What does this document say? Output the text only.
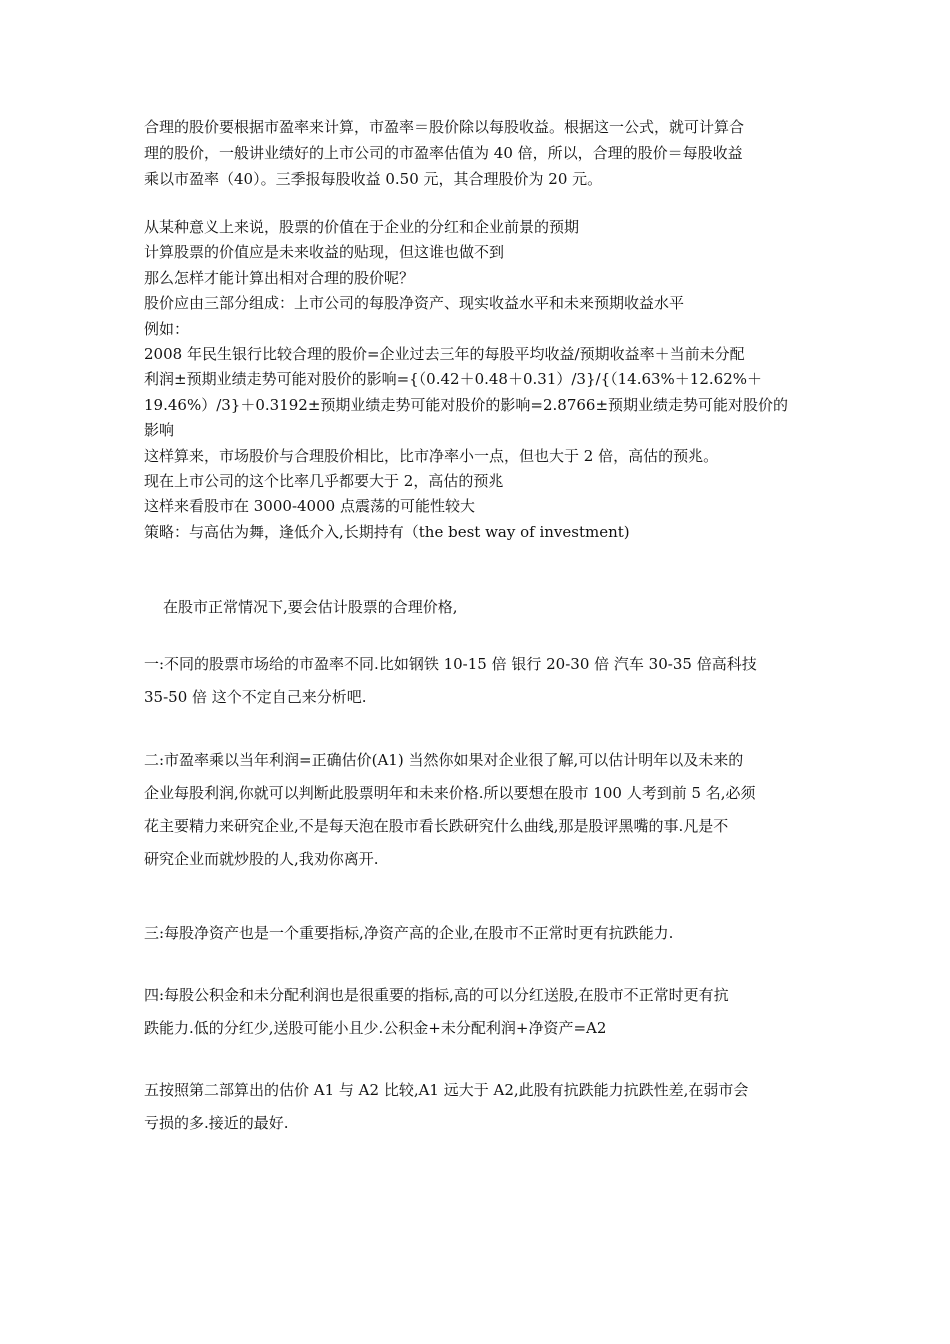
合理的股价要根据市盈率来计算，市盈率＝股价除以每股收益。根据这一公式，就可计算合

理的股价，一般讲业绩好的上市公司的市盈率估值为 40 倍，所以，合理的股价＝每股收益

乘以市盈率（40）。三季报每股收益 0.50 元，其合理股价为 20 元。

从某种意义上来说，股票的价值在于企业的分红和企业前景的预期

计算股票的价值应是未来收益的贴现，但这谁也做不到

那么怎样才能计算出相对合理的股价呢？

股价应由三部分组成：上市公司的每股净资产、现实收益水平和未来预期收益水平

例如：

2008 年民生银行比较合理的股价=企业过去三年的每股平均收益/预期收益率＋当前未分配

利润±预期业绩走势可能对股价的影响={（0.42＋0.48＋0.31）/3}/{（14.63%＋12.62%＋

19.46%）/3}＋0.3192±预期业绩走势可能对股价的影响=2.8766±预期业绩走势可能对股价的

影响

这样算来，市场股价与合理股价相比，比市净率小一点，但也大于 2 倍，高估的预兆。

现在上市公司的这个比率几乎都要大于 2，高估的预兆

这样来看股市在 3000-4000 点震荡的可能性较大

策略：与高估为舞，逢低介入,长期持有（the best way of investment)

在股市正常情况下,要会估计股票的合理价格,

一:不同的股票市场给的市盈率不同.比如钢铁 10-15 倍 银行 20-30 倍 汽车 30-35 倍高科技

35-50 倍 这个不定自己来分析吧.

二:市盈率乘以当年利润=正确估价(A1) 当然你如果对企业很了解,可以估计明年以及未来的

企业每股利润,你就可以判断此股票明年和未来价格.所以要想在股市 100 人考到前 5 名,必须

花主要精力来研究企业,不是每天泡在股市看长跌研究什么曲线,那是股评黑嘴的事.凡是不

研究企业而就炒股的人,我劝你离开.

三:每股净资产也是一个重要指标,净资产高的企业,在股市不正常时更有抗跌能力.

四:每股公积金和未分配利润也是很重要的指标,高的可以分红送股,在股市不正常时更有抗

跌能力.低的分红少,送股可能小且少.公积金+未分配利润+净资产=A2

五按照第二部算出的估价 A1 与 A2 比较,A1 远大于 A2,此股有抗跌能力抗跌性差,在弱市会

亏损的多.接近的最好.
